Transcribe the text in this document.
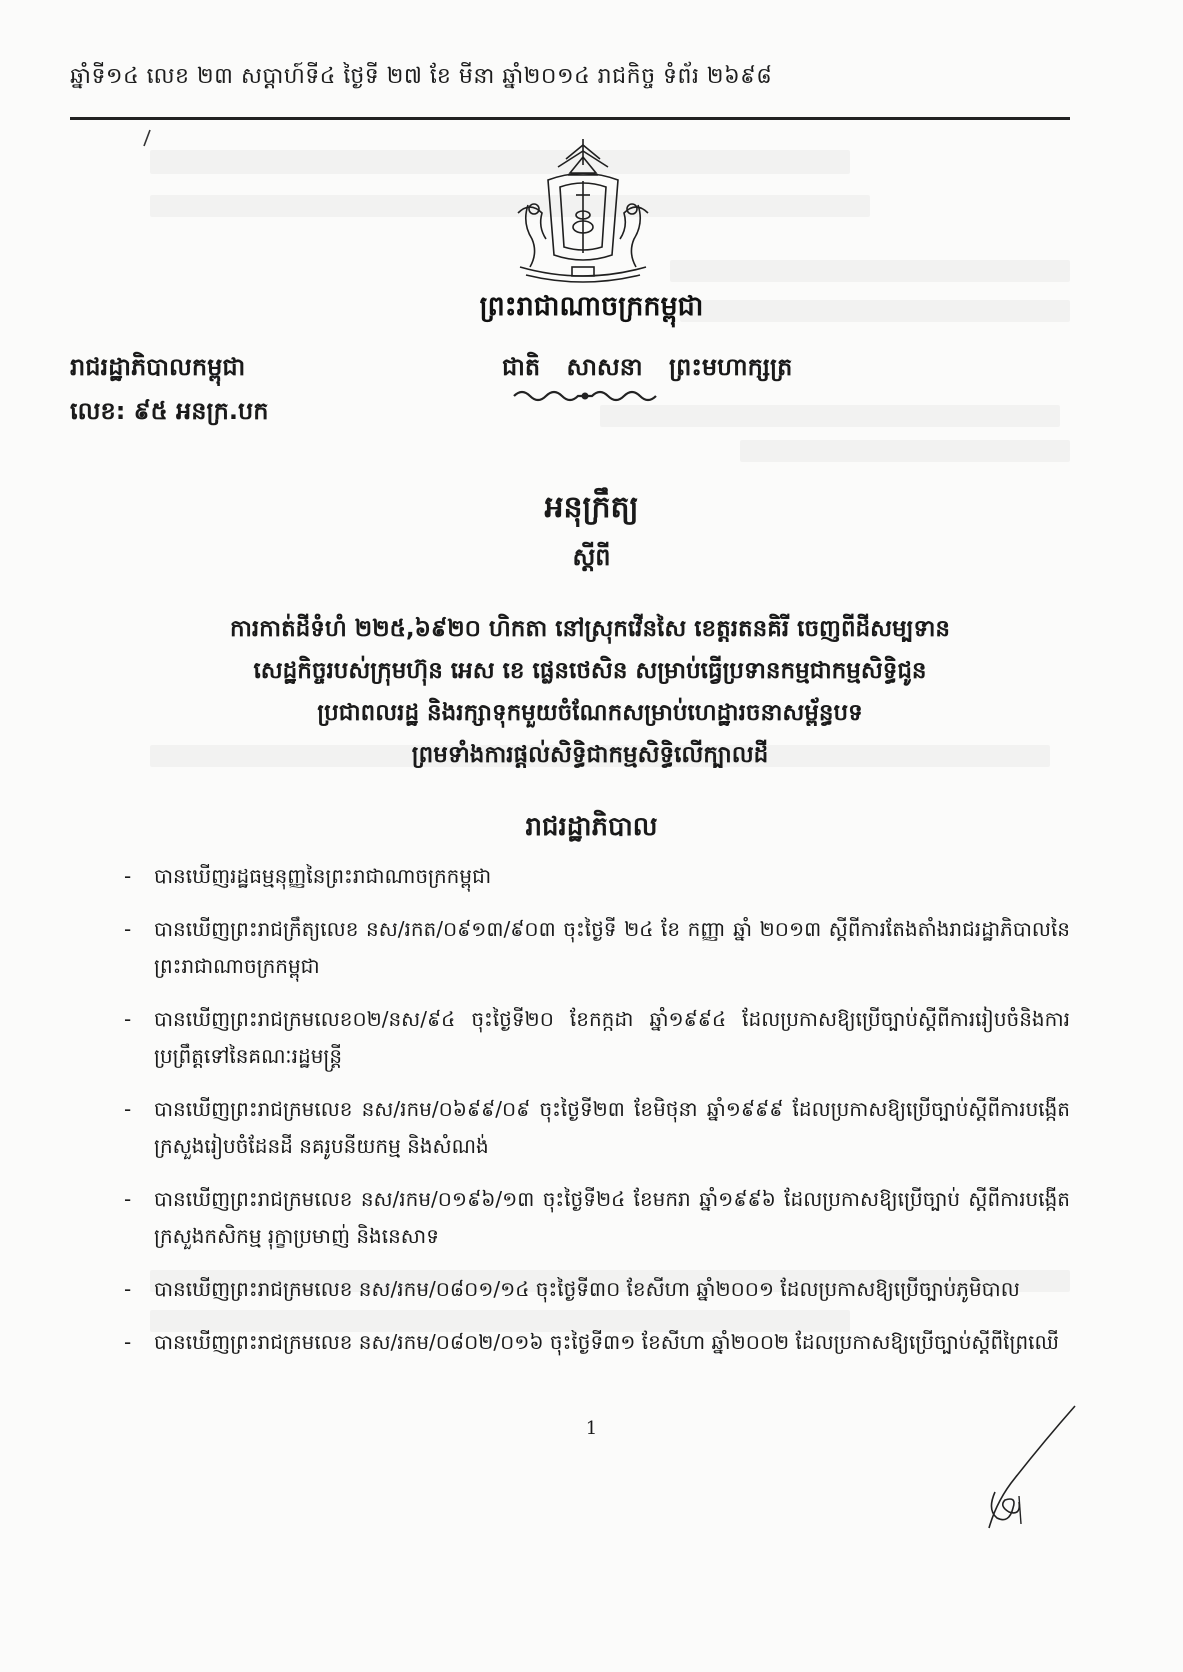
ឆ្នាំទី១៤ លេខ ២៣ សប្តាហ៍ទី៤ ថ្ងៃទី ២៧ ខែ មីនា ឆ្នាំ២០១៤ រាជកិច្ច ទំព័រ ២៦៩៨
ព្រះរាជាណាចក្រកម្ពុជា
រាជរដ្ឋាភិបាលកម្ពុជា	ជាតិ សាសនា ព្រះមហាក្សត្រ
លេខ: ៩៥ អនក្រ.បក
អនុក្រឹត្យ
ស្តីពី
ការកាត់ដីទំហំ ២២៥,៦៩២០ ហិកតា នៅស្រុកវើនសៃ ខេត្តរតនគិរី ចេញពីដីសម្បទាន
សេដ្ឋកិច្ចរបស់ក្រុមហ៊ុន អេស ខេ ផ្លេនថេសិន សម្រាប់ធ្វើប្រទានកម្មជាកម្មសិទ្ធិជូន
ប្រជាពលរដ្ឋ និងរក្សាទុកមួយចំណែកសម្រាប់ហេដ្ឋារចនាសម្ព័ន្ធបទ
ព្រមទាំងការផ្តល់សិទ្ធិជាកម្មសិទ្ធិលើក្បាលដី
រាជរដ្ឋាភិបាល
- បានឃើញរដ្ឋធម្មនុញ្ញនៃព្រះរាជាណាចក្រកម្ពុជា
- បានឃើញព្រះរាជក្រឹត្យលេខ នស/រកត/០៩១៣/៩០៣ ចុះថ្ងៃទី ២៤ ខែ កញ្ញា ឆ្នាំ ២០១៣ ស្តីពីការតែងតាំងរាជរដ្ឋាភិបាលនៃព្រះរាជាណាចក្រកម្ពុជា
- បានឃើញព្រះរាជក្រមលេខ០២/នស/៩៤ ចុះថ្ងៃទី២០ ខែកក្កដា ឆ្នាំ១៩៩៤ ដែលប្រកាសឱ្យប្រើច្បាប់ស្តីពីការរៀបចំនិងការប្រព្រឹត្តទៅនៃគណៈរដ្ឋមន្ត្រី
- បានឃើញព្រះរាជក្រមលេខ នស/រកម/០៦៩៩/០៩ ចុះថ្ងៃទី២៣ ខែមិថុនា ឆ្នាំ១៩៩៩ ដែលប្រកាសឱ្យប្រើច្បាប់ស្តីពីការបង្កើតក្រសួងរៀបចំដែនដី នគរូបនីយកម្ម និងសំណង់
- បានឃើញព្រះរាជក្រមលេខ នស/រកម/០១៩៦/១៣ ចុះថ្ងៃទី២៤ ខែមករា ឆ្នាំ១៩៩៦ ដែលប្រកាសឱ្យប្រើច្បាប់ ស្តីពីការបង្កើតក្រសួងកសិកម្ម រុក្ខាប្រមាញ់ និងនេសាទ
- បានឃើញព្រះរាជក្រមលេខ នស/រកម/០៨០១/១៤ ចុះថ្ងៃទី៣០ ខែសីហា ឆ្នាំ២០០១ ដែលប្រកាសឱ្យប្រើច្បាប់ភូមិបាល
- បានឃើញព្រះរាជក្រមលេខ នស/រកម/០៨០២/០១៦ ចុះថ្ងៃទី៣១ ខែសីហា ឆ្នាំ២០០២ ដែលប្រកាសឱ្យប្រើច្បាប់ស្តីពីព្រៃឈើ
1
